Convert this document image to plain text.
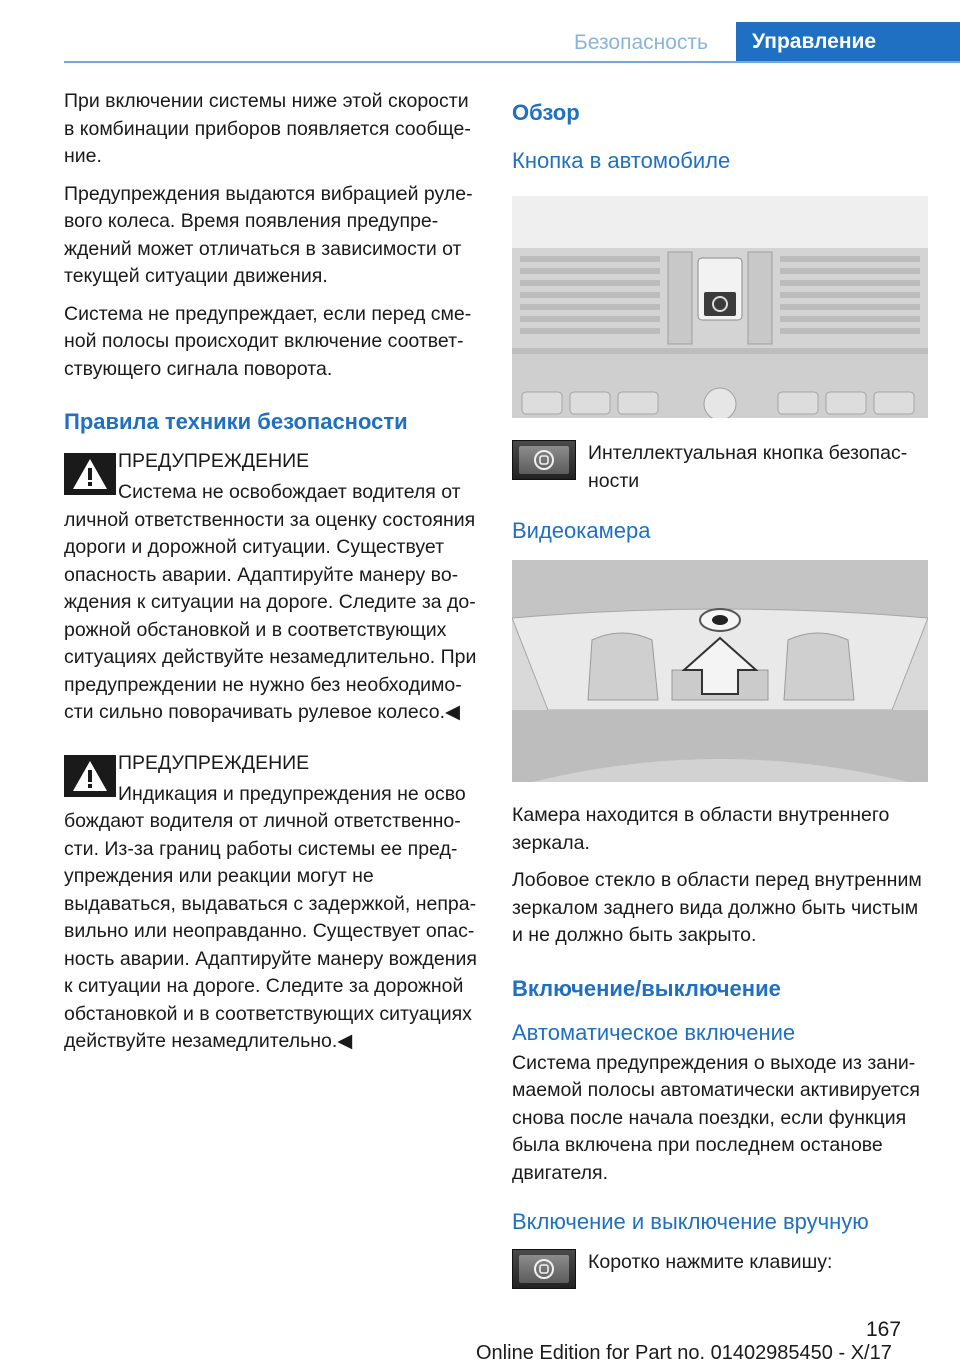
Безопасность	Управление

При включении системы ниже этой скорости в комбинации приборов появляется сообщение.

Предупреждения выдаются вибрацией рулевого колеса. Время появления предупреждений может отличаться в зависимости от текущей ситуации движения.

Система не предупреждает, если перед сменой полосы происходит включение соответствующего сигнала поворота.

Правила техники безопасности
ПРЕДУПРЕЖДЕНИЕ

Система не освобождает водителя от

личной ответственности за оценку состояния дороги и дорожной ситуации. Существует опасность аварии. Адаптируйте манеру вождения к ситуации на дороге. Следите за дорожной обстановкой и в соответствующих ситуациях действуйте незамедлительно. При предупреждении не нужно без необходимости сильно поворачивать рулевое колесо.◀

ПРЕДУПРЕЖДЕНИЕ

Индикация и предупреждения не осво

бождают водителя от личной ответственности. Из-за границ работы системы ее предупреждения или реакции могут не выдаваться, выдаваться с задержкой, неправильно или неоправданно. Существует опасность аварии. Адаптируйте манеру вождения к ситуации на дороге. Следите за дорожной обстановкой и в соответствующих ситуациях действуйте незамедлительно.◀

Обзор
Кнопка в автомобиле
Интеллектуальная кнопка безопасности
Видеокамера

Камера находится в области внутреннего зеркала.

Лобовое стекло в области перед внутренним зеркалом заднего вида должно быть чистым и не должно быть закрыто.

Включение/выключение
Автоматическое включение

Система предупреждения о выходе из занимаемой полосы автоматически активируется снова после начала поездки, если функция была включена при последнем останове двигателя.

Включение и выключение вручную
Коротко нажмите клавишу:
167
Online Edition for Part no. 01402985450 - X/17
